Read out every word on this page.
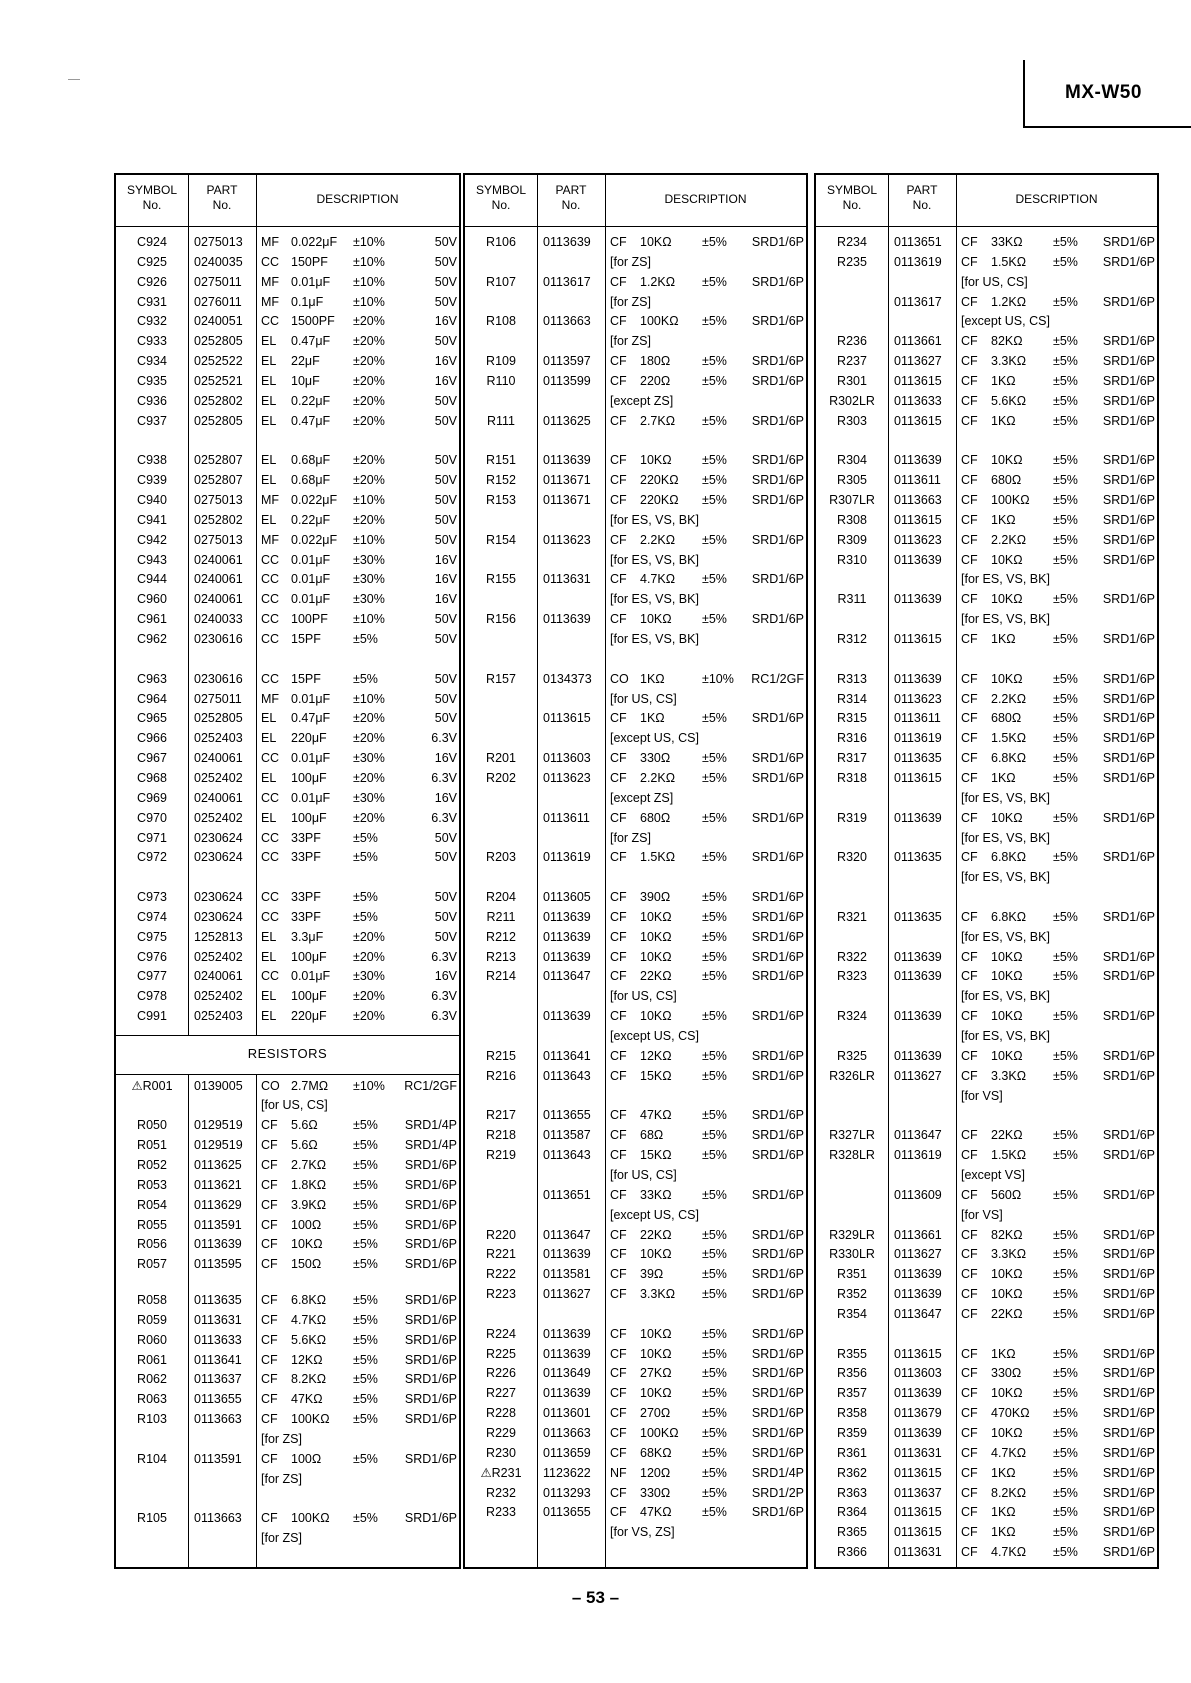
MX-W50
SYMBOL
No.
PART
No.	DESCRIPTION
RESISTORS
C924	0275013 MF 0.022μF ±10%	50V
C925	0240035 CC 150PF ±10%	50V
C926	0275011 MF 0.01μF ±10%	50V
C931	0276011 MF 0.1μF ±10%	50V
C932	0240051 CC 1500PF ±20%	16V
C933	0252805 EL 0.47μF ±20%	50V
C934	0252522 EL 22μF	±20%	16V
C935	0252521 EL 10μF	±20%	16V
C936	0252802 EL 0.22μF ±20%	50V
C937	0252805 EL 0.47μF ±20%	50V
C938	0252807 EL 0.68μF ±20%	50V
C939	0252807 EL 0.68μF ±20%	50V
C940	0275013 MF 0.022μF ±10%	50V
C941	0252802 EL 0.22μF ±20%	50V
C942	0275013 MF 0.022μF ±10%	50V
C943	0240061 CC 0.01μF ±30%	16V
C944	0240061 CC 0.01μF ±30%	16V
C960	0240061 CC 0.01μF ±30%	16V
C961	0240033 CC 100PF ±10%	50V
C962	0230616 CC 15PF	±5%	50V
C963	0230616 CC 15PF	±5%	50V
C964	0275011 MF 0.01μF ±10%	50V
C965	0252805 EL 0.47μF ±20%	50V
C966	0252403 EL 220μF ±20%	6.3V
C967	0240061 CC 0.01μF ±30%	16V
C968	0252402 EL 100μF ±20%	6.3V
C969	0240061 CC 0.01μF ±30%	16V
C970	0252402 EL 100μF ±20%	6.3V
C971	0230624 CC 33PF	±5%	50V
C972	0230624 CC 33PF	±5%	50V
C973	0230624 CC 33PF	±5%	50V
C974	0230624 CC 33PF	±5%	50V
C975	1252813 EL 3.3μF ±20%	50V
C976	0252402 EL 100μF ±20%	6.3V
C977	0240061 CC 0.01μF ±30%	16V
C978	0252402 EL 100μF ±20%	6.3V
C991	0252403 EL 220μF ±20%	6.3V
⚠R001	0139005 CO 2.7MΩ ±10% RC1/2GF
[for US, CS]
R050	0129519 CF 5.6Ω	±5% SRD1/4P
R051	0129519 CF 5.6Ω	±5% SRD1/4P
R052	0113625 CF 2.7KΩ ±5% SRD1/6P
R053	0113621 CF 1.8KΩ ±5% SRD1/6P
R054	0113629 CF 3.9KΩ ±5% SRD1/6P
R055	0113591 CF 100Ω	±5% SRD1/6P
R056	0113639 CF 10KΩ ±5% SRD1/6P
R057	0113595 CF 150Ω	±5% SRD1/6P
R058	0113635 CF 6.8KΩ ±5% SRD1/6P
R059	0113631 CF 4.7KΩ ±5% SRD1/6P
R060	0113633 CF 5.6KΩ ±5% SRD1/6P
R061	0113641 CF 12KΩ ±5% SRD1/6P
R062	0113637 CF 8.2KΩ ±5% SRD1/6P
R063	0113655 CF 47KΩ ±5% SRD1/6P
R103	0113663 CF 100KΩ ±5% SRD1/6P
[for ZS]
R104	0113591 CF 100Ω	±5% SRD1/6P
[for ZS]
R105	0113663 CF 100KΩ ±5% SRD1/6P
[for ZS]
SYMBOL
No.
PART
No.	DESCRIPTION
R106	0113639 CF 10KΩ ±5% SRD1/6P
[for ZS]
R107	0113617 CF 1.2KΩ ±5% SRD1/6P
[for ZS]
R108	0113663 CF 100KΩ ±5% SRD1/6P
[for ZS]
R109	0113597 CF 180Ω	±5% SRD1/6P
R110	0113599 CF 220Ω	±5% SRD1/6P
[except ZS]
R111	0113625 CF 2.7KΩ ±5% SRD1/6P
R151	0113639 CF 10KΩ ±5% SRD1/6P
R152	0113671 CF 220KΩ ±5% SRD1/6P
R153	0113671 CF 220KΩ ±5% SRD1/6P
[for ES, VS, BK]
R154	0113623 CF 2.2KΩ ±5% SRD1/6P
[for ES, VS, BK]
R155	0113631 CF 4.7KΩ ±5% SRD1/6P
[for ES, VS, BK]
R156	0113639 CF 10KΩ ±5% SRD1/6P
[for ES, VS, BK]
R157	0134373 CO 1KΩ	±10% RC1/2GF
[for US, CS]
0113615 CF 1KΩ	±5% SRD1/6P
[except US, CS]
R201	0113603 CF 330Ω	±5% SRD1/6P
R202	0113623 CF 2.2KΩ ±5% SRD1/6P
[except ZS]
0113611 CF 680Ω	±5% SRD1/6P
[for ZS]
R203	0113619 CF 1.5KΩ ±5% SRD1/6P
R204	0113605 CF 390Ω	±5% SRD1/6P
R211	0113639 CF 10KΩ ±5% SRD1/6P
R212	0113639 CF 10KΩ ±5% SRD1/6P
R213	0113639 CF 10KΩ ±5% SRD1/6P
R214	0113647 CF 22KΩ ±5% SRD1/6P
[for US, CS]
0113639 CF 10KΩ ±5% SRD1/6P
[except US, CS]
R215	0113641 CF 12KΩ ±5% SRD1/6P
R216	0113643 CF 15KΩ ±5% SRD1/6P
R217	0113655 CF 47KΩ ±5% SRD1/6P
R218	0113587 CF 68Ω	±5% SRD1/6P
R219	0113643 CF 15KΩ ±5% SRD1/6P
[for US, CS]
0113651 CF 33KΩ ±5% SRD1/6P
[except US, CS]
R220	0113647 CF 22KΩ ±5% SRD1/6P
R221	0113639 CF 10KΩ ±5% SRD1/6P
R222	0113581 CF 39Ω	±5% SRD1/6P
R223	0113627 CF 3.3KΩ ±5% SRD1/6P
R224	0113639 CF 10KΩ ±5% SRD1/6P
R225	0113639 CF 10KΩ ±5% SRD1/6P
R226	0113649 CF 27KΩ ±5% SRD1/6P
R227	0113639 CF 10KΩ ±5% SRD1/6P
R228	0113601 CF 270Ω	±5% SRD1/6P
R229	0113663 CF 100KΩ ±5% SRD1/6P
R230	0113659 CF 68KΩ ±5% SRD1/6P
⚠R231	1123622 NF 120Ω	±5% SRD1/4P
R232	0113293 CF 330Ω	±5% SRD1/2P
R233	0113655 CF 47KΩ ±5% SRD1/6P
[for VS, ZS]
SYMBOL
No.
PART
No.	DESCRIPTION
R234	0113651 CF 33KΩ ±5% SRD1/6P
R235	0113619 CF 1.5KΩ ±5% SRD1/6P
[for US, CS]
0113617 CF 1.2KΩ ±5% SRD1/6P
[except US, CS]
R236	0113661 CF 82KΩ ±5% SRD1/6P
R237	0113627 CF 3.3KΩ ±5% SRD1/6P
R301	0113615 CF 1KΩ	±5% SRD1/6P
R302LR	0113633 CF 5.6KΩ ±5% SRD1/6P
R303	0113615 CF 1KΩ	±5% SRD1/6P
R304	0113639 CF 10KΩ ±5% SRD1/6P
R305	0113611 CF 680Ω	±5% SRD1/6P
R307LR	0113663 CF 100KΩ ±5% SRD1/6P
R308	0113615 CF 1KΩ	±5% SRD1/6P
R309	0113623 CF 2.2KΩ ±5% SRD1/6P
R310	0113639 CF 10KΩ ±5% SRD1/6P
[for ES, VS, BK]
R311	0113639 CF 10KΩ ±5% SRD1/6P
[for ES, VS, BK]
R312	0113615 CF 1KΩ	±5% SRD1/6P
R313	0113639 CF 10KΩ ±5% SRD1/6P
R314	0113623 CF 2.2KΩ ±5% SRD1/6P
R315	0113611 CF 680Ω	±5% SRD1/6P
R316	0113619 CF 1.5KΩ ±5% SRD1/6P
R317	0113635 CF 6.8KΩ ±5% SRD1/6P
R318	0113615 CF 1KΩ	±5% SRD1/6P
[for ES, VS, BK]
R319	0113639 CF 10KΩ ±5% SRD1/6P
[for ES, VS, BK]
R320	0113635 CF 6.8KΩ ±5% SRD1/6P
[for ES, VS, BK]
R321	0113635 CF 6.8KΩ ±5% SRD1/6P
[for ES, VS, BK]
R322	0113639 CF 10KΩ ±5% SRD1/6P
R323	0113639 CF 10KΩ ±5% SRD1/6P
[for ES, VS, BK]
R324	0113639 CF 10KΩ ±5% SRD1/6P
[for ES, VS, BK]
R325	0113639 CF 10KΩ ±5% SRD1/6P
R326LR	0113627 CF 3.3KΩ ±5% SRD1/6P
[for VS]
R327LR	0113647 CF 22KΩ ±5% SRD1/6P
R328LR	0113619 CF 1.5KΩ ±5% SRD1/6P
[except VS]
0113609 CF 560Ω	±5% SRD1/6P
[for VS]
R329LR	0113661 CF 82KΩ ±5% SRD1/6P
R330LR	0113627 CF 3.3KΩ ±5% SRD1/6P
R351	0113639 CF 10KΩ ±5% SRD1/6P
R352	0113639 CF 10KΩ ±5% SRD1/6P
R354	0113647 CF 22KΩ ±5% SRD1/6P
R355	0113615 CF 1KΩ	±5% SRD1/6P
R356	0113603 CF 330Ω	±5% SRD1/6P
R357	0113639 CF 10KΩ ±5% SRD1/6P
R358	0113679 CF 470KΩ ±5% SRD1/6P
R359	0113639 CF 10KΩ ±5% SRD1/6P
R361	0113631 CF 4.7KΩ ±5% SRD1/6P
R362	0113615 CF 1KΩ	±5% SRD1/6P
R363	0113637 CF 8.2KΩ ±5% SRD1/6P
R364	0113615 CF 1KΩ	±5% SRD1/6P
R365	0113615 CF 1KΩ	±5% SRD1/6P
R366	0113631 CF 4.7KΩ ±5% SRD1/6P
– 53 –
